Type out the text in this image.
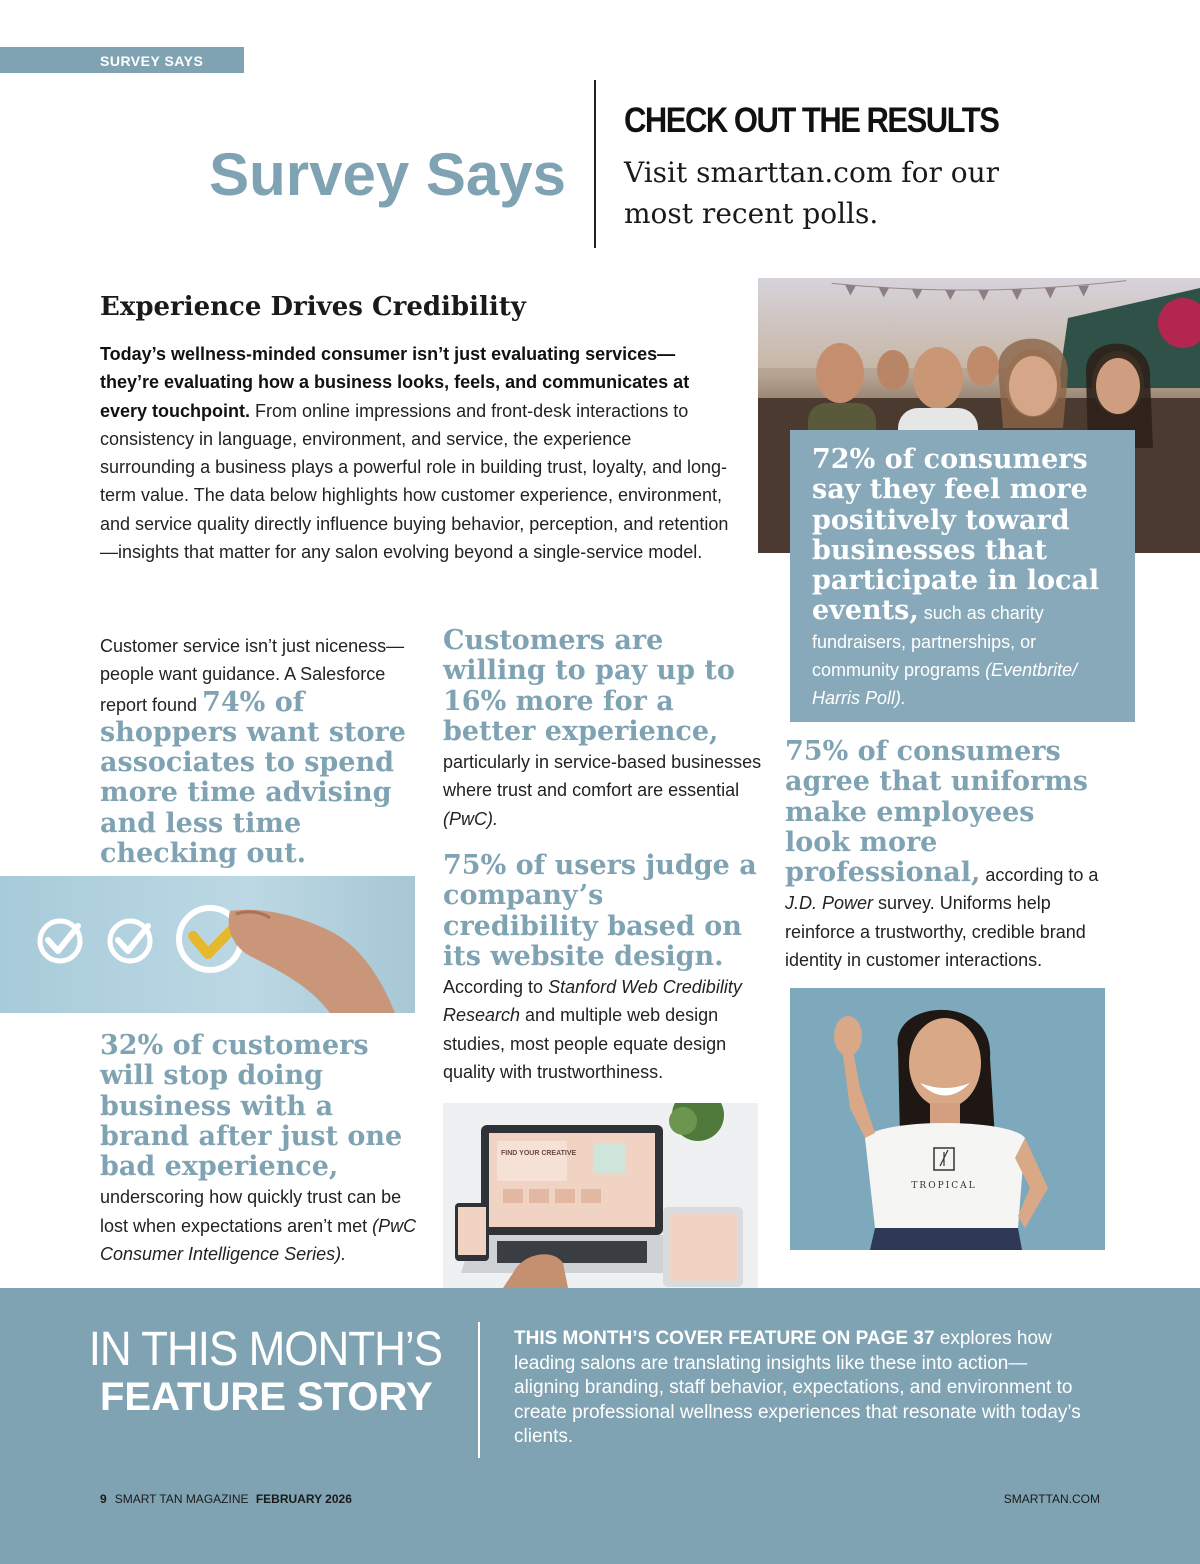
SURVEY SAYS
Survey Says
CHECK OUT THE RESULTS
Visit smarttan.com for our most recent polls.
Experience Drives Credibility

Today’s wellness-minded consumer isn’t just evaluating services—they’re evaluating how a business looks, feels, and communicates at every touchpoint. From online impressions and front-desk interactions to consistency in language, environment, and service, the experience surrounding a business plays a powerful role in building trust, loyalty, and long-term value. The data below highlights how customer experience, environment, and service quality directly influence buying behavior, perception, and retention—insights that matter for any salon evolving beyond a single-service model.

Customer service isn’t just niceness—people want guidance. A Salesforce report found 74% of shoppers want store associates to spend more time advising and less time checking out.

32% of customers will stop doing business with a brand after just one bad experience, underscoring how quickly trust can be lost when expectations aren’t met (PwC Consumer Intelligence Series).

Customers are willing to pay up to 16% more for a better experience, particularly in service-based businesses where trust and comfort are essential (PwC).

75% of users judge a company’s credibility based on its website design. According to Stanford Web Credibility Research and multiple web design studies, most people equate design quality with trustworthiness.

FIND YOUR CREATIVE

72% of consumers say they feel more positively toward businesses that participate in local events, such as charity fundraisers, partnerships, or community programs (Eventbrite/ Harris Poll).

75% of consumers agree that uniforms make employees look more professional, according to a J.D. Power survey. Uniforms help reinforce a trustworthy, credible brand identity in customer interactions.

TROPICAL
IN THIS MONTH’S
FEATURE STORY

THIS MONTH’S COVER FEATURE ON PAGE 37 explores how leading salons are translating insights like these into action—aligning branding, staff behavior, expectations, and environment to create professional wellness experiences that resonate with today’s clients.

9 SMART TAN MAGAZINE FEBRUARY 2026	SMARTTAN.COM
